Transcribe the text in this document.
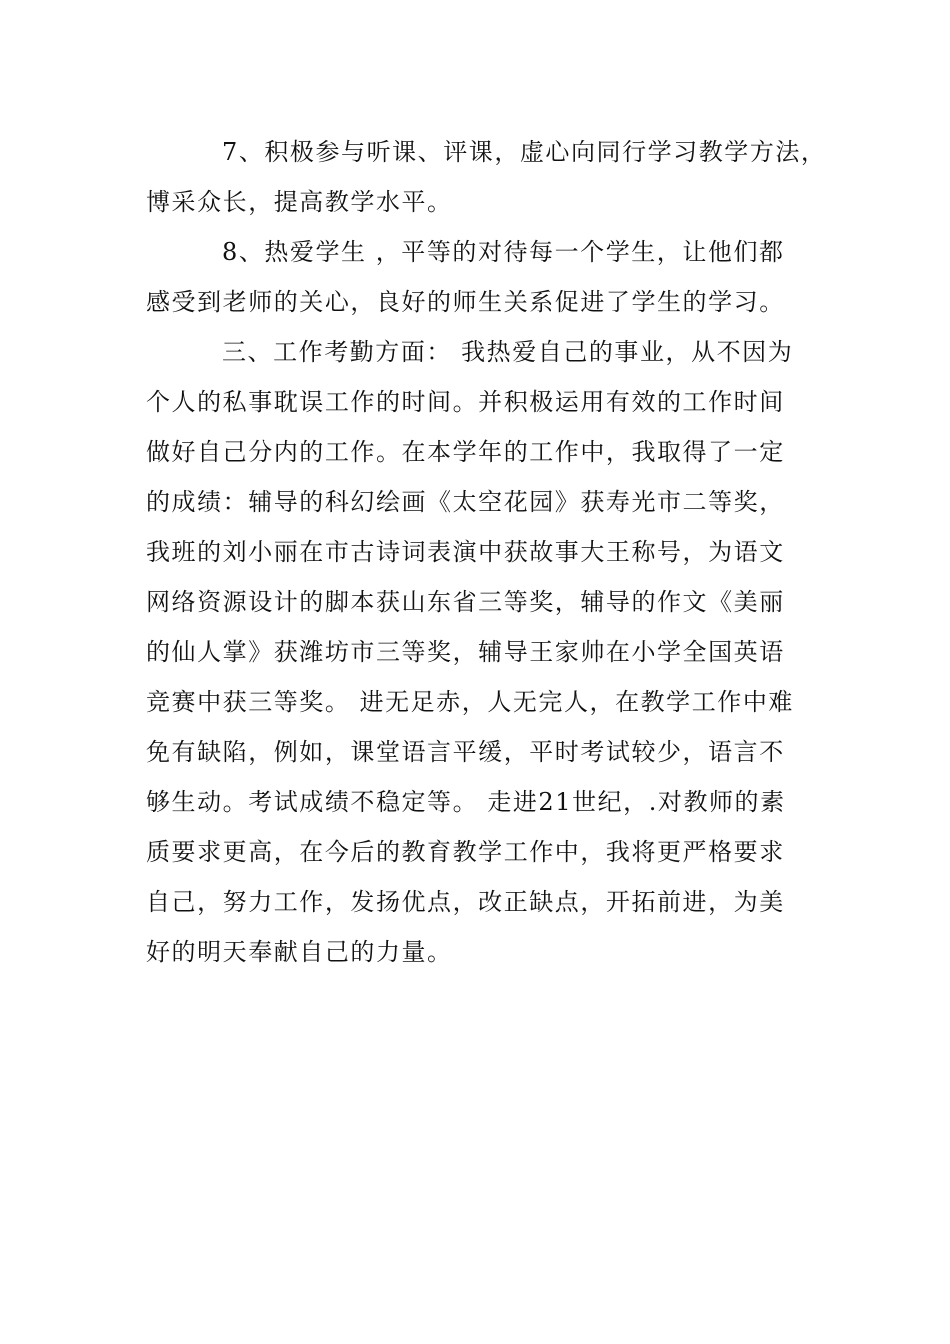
7、积极参与听课、评课，虚心向同行学习教学方法，
博采众长，提高教学水平。
8、热爱学生 ，平等的对待每一个学生，让他们都
感受到老师的关心，良好的师生关系促进了学生的学习。
三、工作考勤方面： 我热爱自己的事业，从不因为
个人的私事耽误工作的时间。并积极运用有效的工作时间
做好自己分内的工作。在本学年的工作中，我取得了一定
的成绩：辅导的科幻绘画《太空花园》获寿光市二等奖，
我班的刘小丽在市古诗词表演中获故事大王称号，为语文
网络资源设计的脚本获山东省三等奖，辅导的作文《美丽
的仙人掌》获潍坊市三等奖，辅导王家帅在小学全国英语
竞赛中获三等奖。 进无足赤，人无完人，在教学工作中难
免有缺陷，例如，课堂语言平缓，平时考试较少，语言不
够生动。考试成绩不稳定等。 走进21世纪，.对教师的素
质要求更高，在今后的教育教学工作中，我将更严格要求
自己，努力工作，发扬优点，改正缺点，开拓前进，为美
好的明天奉献自己的力量。
